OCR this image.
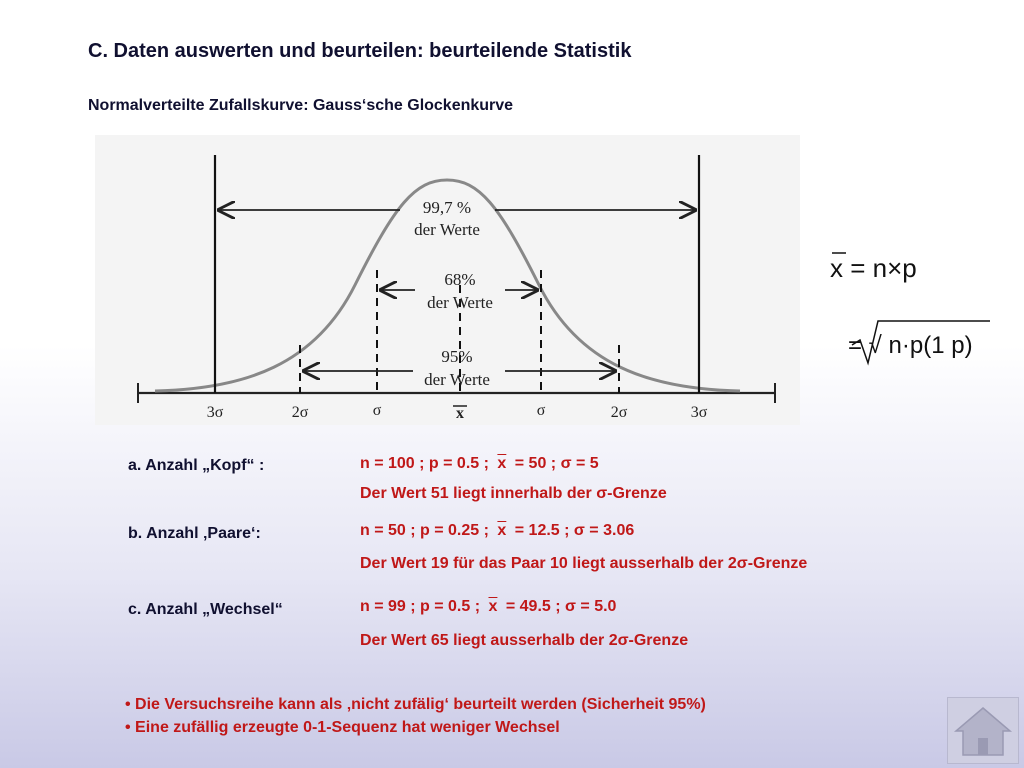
C. Daten auswerten und beurteilen: beurteilende Statistik
Normalverteilte Zufallskurve: Gauss‘sche Glockenkurve
99,7 %
der Werte
68%
der Werte
95%
der Werte
3σ	2σ	σ	x	σ	2σ	3σ
x = n×p
= √ n·p(1 p)
a. Anzahl „Kopf“ :	n = 100 ; p = 0.5 ; $\overline{x} = 50$ ; σ = 5
Der Wert 51 liegt innerhalb der σ-Grenze
b. Anzahl ‚Paare‘:	n = 50 ; p = 0.25 ; $\overline{x} = 12.5$ ; σ = 3.06
Der Wert 19 für das Paar 10 liegt ausserhalb der 2σ-Grenze
c. Anzahl „Wechsel“	n = 99 ; p = 0.5 ; $\overline{x} = 49.5$ ; σ = 5.0
Der Wert 65 liegt ausserhalb der 2σ-Grenze
• Die Versuchsreihe kann als ‚nicht zufälig‘ beurteilt werden (Sicherheit 95%)
• Eine zufällig erzeugte 0-1-Sequenz hat weniger Wechsel
